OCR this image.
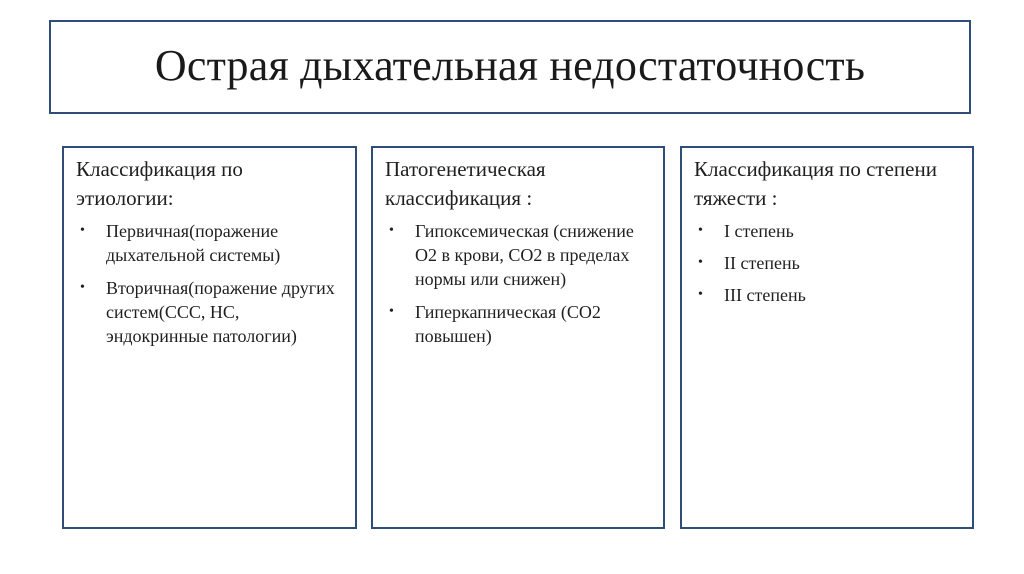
Острая дыхательная недостаточность
Классификация по этиологии:
• Первичная(поражение дыхательной системы)
• Вторичная(поражение других систем(ССС, НС, эндокринные патологии)
Патогенетическая классификация :
• Гипоксемическая (снижение О2 в крови, СО2 в пределах нормы или снижен)
• Гиперкапническая (СО2 повышен)
Классификация по степени тяжести :
• I степень
• II степень
• III степень
